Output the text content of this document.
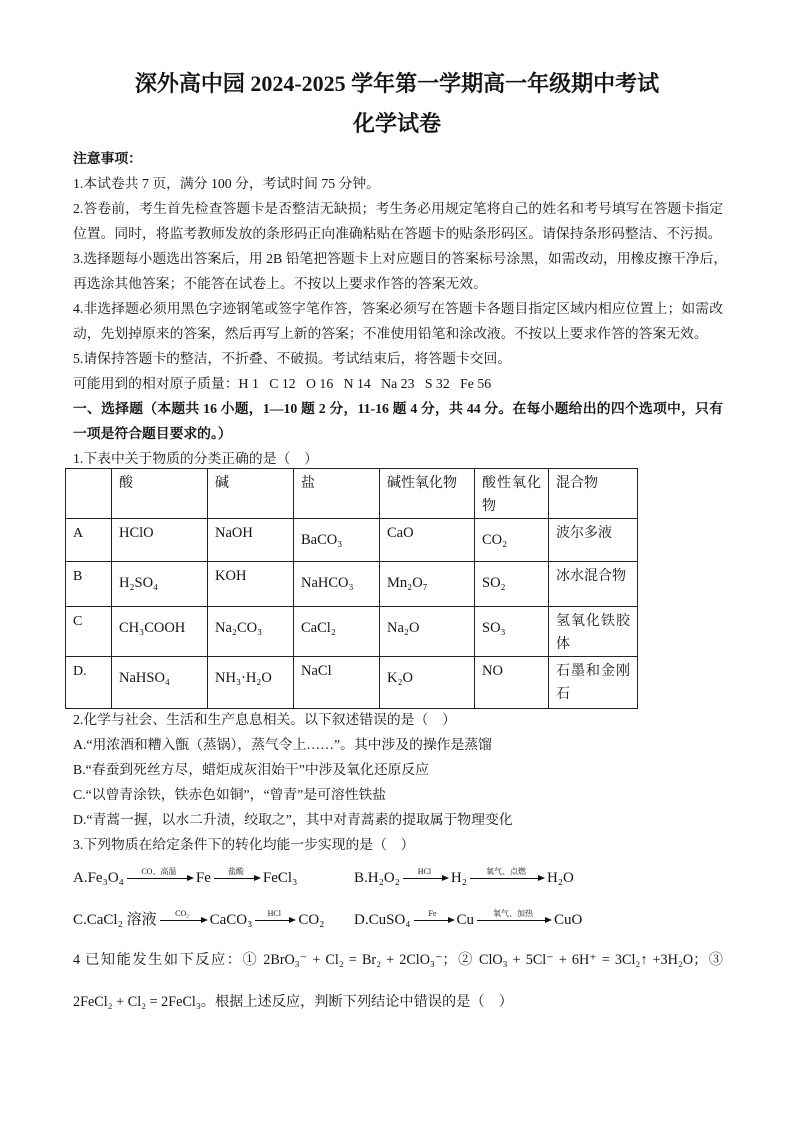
深外高中园 2024-2025 学年第一学期高一年级期中考试
化学试卷
注意事项：
1.本试卷共 7 页，满分 100 分，考试时间 75 分钟。
2.答卷前，考生首先检查答题卡是否整洁无缺损；考生务必用规定笔将自己的姓名和考号填写在答题卡指定
位置。同时，将监考教师发放的条形码正向准确粘贴在答题卡的贴条形码区。请保持条形码整洁、不污损。
3.选择题每小题选出答案后，用 2B 铅笔把答题卡上对应题目的答案标号涂黑，如需改动，用橡皮擦干净后，
再选涂其他答案；不能答在试卷上。不按以上要求作答的答案无效。
4.非选择题必须用黑色字迹钢笔或签字笔作答，答案必须写在答题卡各题目指定区域内相应位置上；如需改
动，先划掉原来的答案，然后再写上新的答案；不准使用铅笔和涂改液。不按以上要求作答的答案无效。
5.请保持答题卡的整洁，不折叠、不破损。考试结束后，将答题卡交回。
可能用到的相对原子质量：H 1   C 12   O 16   N 14   Na 23   S 32   Fe 56
一、选择题（本题共 16 小题，1—10 题 2 分，11-16 题 4 分，共 44 分。在每小题给出的四个选项中，只有
一项是符合题目要求的。）
1.下表中关于物质的分类正确的是（　）
	酸	碱	盐	碱性氧化物	酸性氧化物	混合物
A	HClO	NaOH	BaCO₃	CaO	CO₂	波尔多液
B	H₂SO₄	KOH	NaHCO₃	Mn₂O₇	SO₂	冰水混合物
C	CH₃COOH	Na₂CO₃	CaCl₂	Na₂O	SO₃	氢氧化铁胶体
D.	NaHSO₄	NH₃·H₂O	NaCl	K₂O	NO	石墨和金刚石
2.化学与社会、生活和生产息息相关。以下叙述错误的是（　）
A.“用浓酒和糟入甑（蒸锅），蒸气令上……”。其中涉及的操作是蒸馏
B.“春蚕到死丝方尽，蜡炬成灰泪始干”中涉及氧化还原反应
C.“以曾青涂铁，铁赤色如铜”，“曾青”是可溶性铁盐
D.“青蒿一握，以水二升渍，绞取之”，其中对青蒿素的提取属于物理变化
3.下列物质在给定条件下的转化均能一步实现的是（　）
A.Fe₃O₄	CO、高温	Fe	盐酸	FeCl₃	B.H₂O₂	HCl	H₂	氧气、点燃	H₂O
C.CaCl₂ 溶液	CO₂	CaCO₃	HCl	CO₂ D.CuSO₄	Fe	Cu	氧气、加热	CuO
4 已知能发生如下反应：① 2BrO₃⁻ + Cl₂ = Br₂ + 2ClO₃⁻；② ClO₃ + 5Cl⁻ + 6H⁺ = 3Cl₂↑ +3H₂O；③
2FeCl₂ + Cl₂ = 2FeCl₃。根据上述反应，判断下列结论中错误的是（　）
